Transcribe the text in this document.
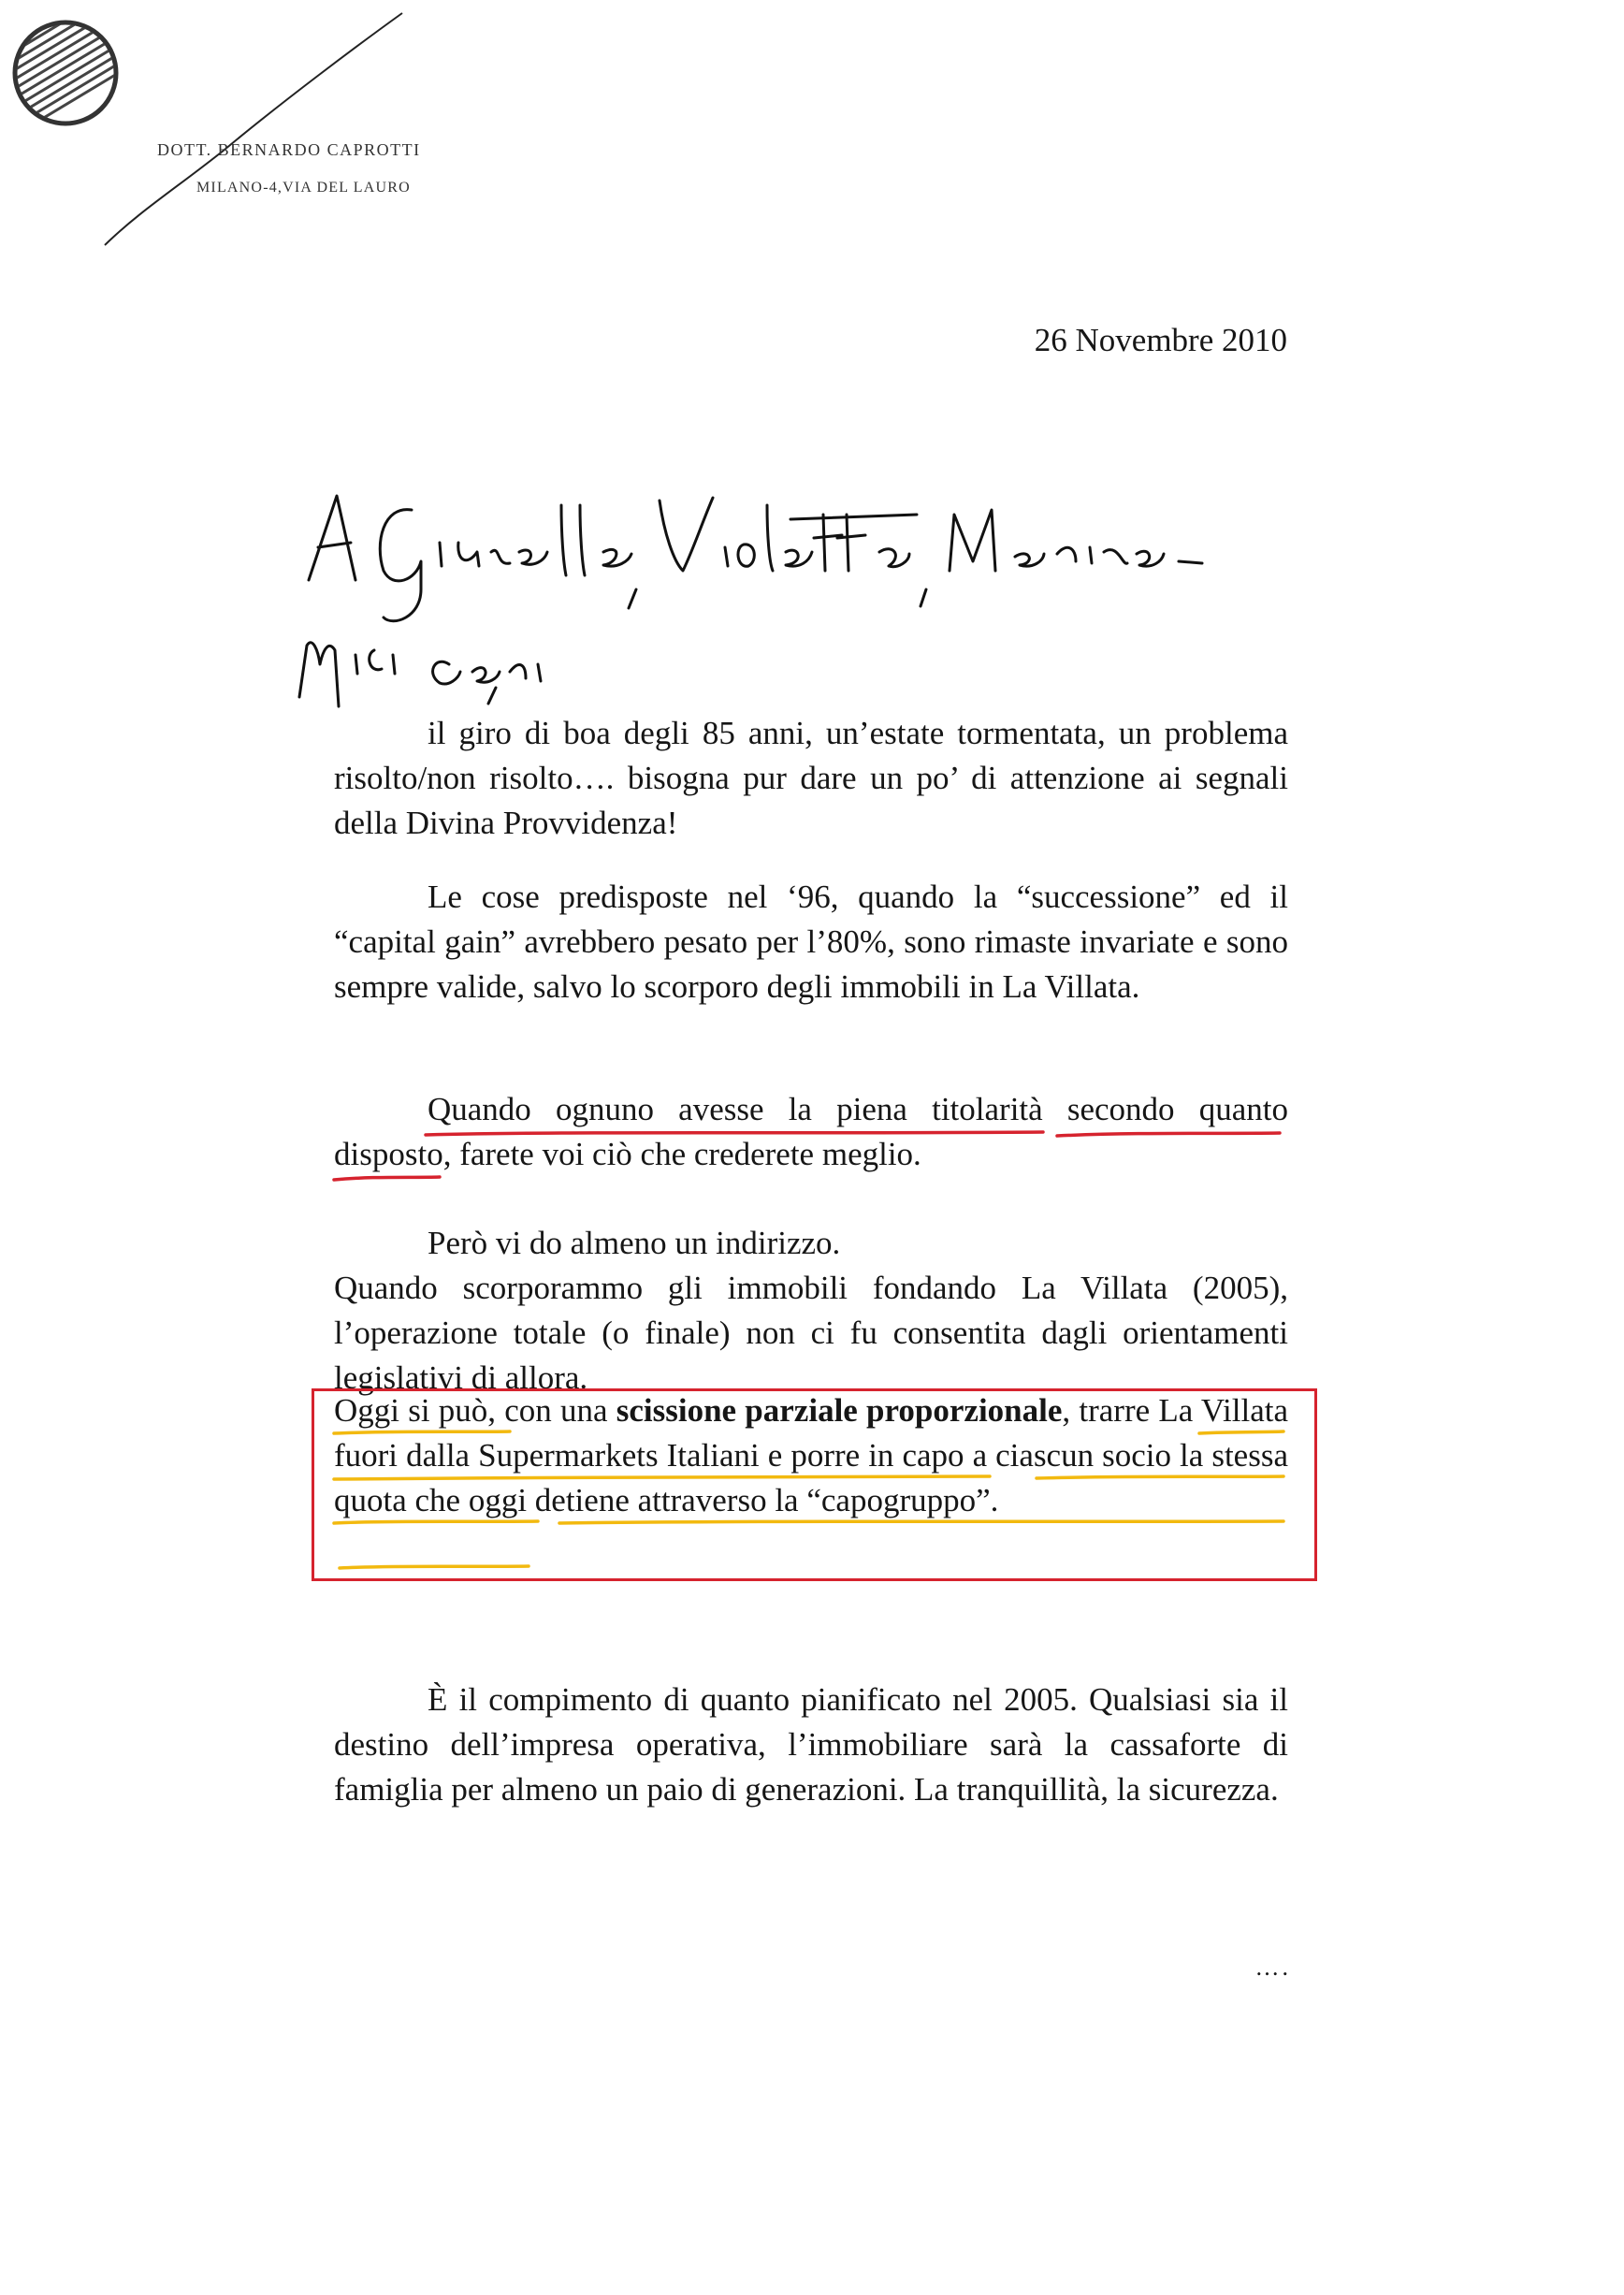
DOTT. BERNARDO CAPROTTI
MILANO-4,VIA DEL LAURO
26 Novembre 2010

il giro di boa degli 85 anni, un’estate tormentata, un problema risolto/non risolto…. bisogna pur dare un po’ di attenzione ai segnali della Divina Provvidenza!

Le cose predisposte nel ‘96, quando la “successione” ed il “capital gain” avrebbero pesato per l’80%, sono rimaste invariate e sono sempre valide, salvo lo scorporo degli immobili in La Villata.

Quando ognuno avesse la piena titolarità secondo quanto disposto, farete voi ciò che crederete meglio.

Però vi do almeno un indirizzo.

Quando scorporammo gli immobili fondando La Villata (2005), l’operazione totale (o finale) non ci fu consentita dagli orientamenti legislativi di allora.

Oggi si può, con una scissione parziale proporzionale, trarre La Villata fuori dalla Supermarkets Italiani e porre in capo a ciascun socio la stessa quota che oggi detiene attraverso la “capogruppo”.

È il compimento di quanto pianificato nel 2005. Qualsiasi sia il destino dell’impresa operativa, l’immobiliare sarà la cassaforte di famiglia per almeno un paio di generazioni. La tranquillità, la sicurezza.

….
